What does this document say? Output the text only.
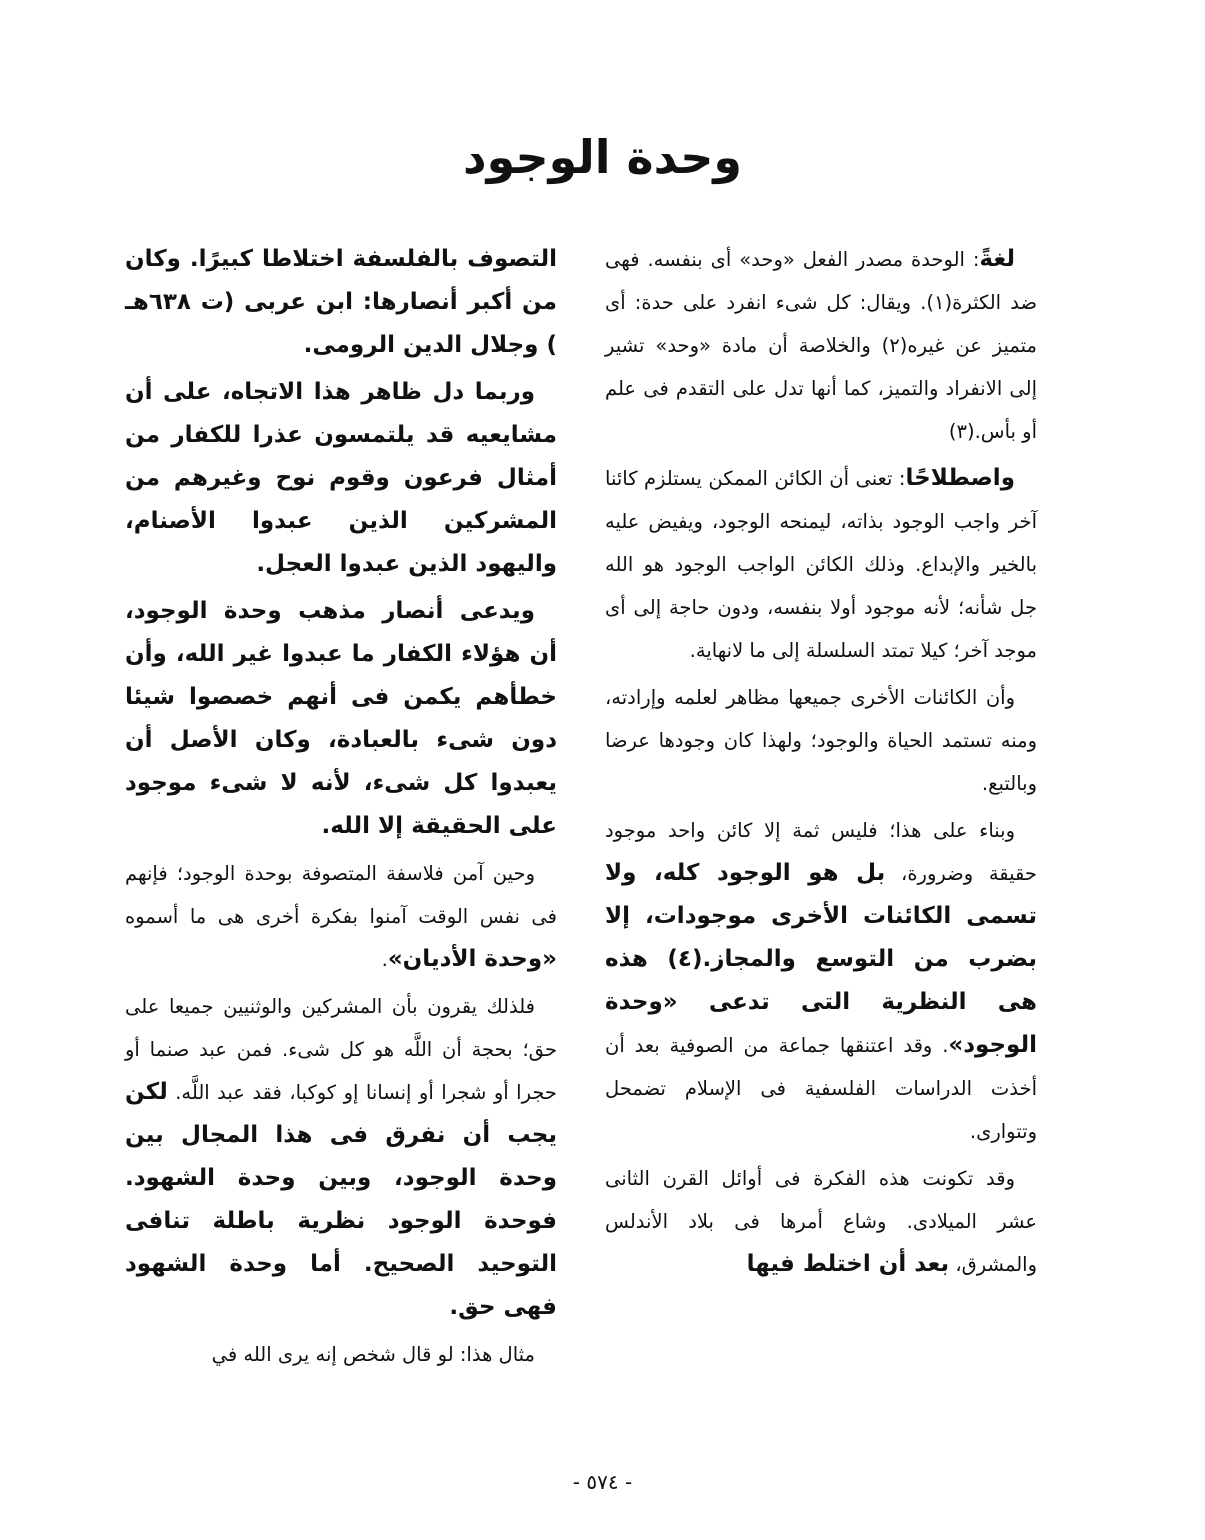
وحدة الوجود

لغةً: الوحدة مصدر الفعل «وحد» أى بنفسه. فهى ضد الكثرة(١). ويقال: كل شىء انفرد على حدة: أى متميز عن غيره(٢) والخلاصة أن مادة «وحد» تشير إلى الانفراد والتميز، كما أنها تدل على التقدم فى علم أو بأس.(٣)

واصطلاحًا: تعنى أن الكائن الممكن يستلزم كائنا آخر واجب الوجود بذاته، ليمنحه الوجود، ويفيض عليه بالخير والإبداع. وذلك الكائن الواجب الوجود هو الله جل شأنه؛ لأنه موجود أولا بنفسه، ودون حاجة إلى أى موجد آخر؛ كيلا تمتد السلسلة إلى ما لانهاية.

وأن الكائنات الأخرى جميعها مظاهر لعلمه وإرادته، ومنه تستمد الحياة والوجود؛ ولهذا كان وجودها عرضا وبالتبع.

وبناء على هذا؛ فليس ثمة إلا كائن واحد موجود حقيقة وضرورة، بل هو الوجود كله، ولا تسمى الكائنات الأخرى موجودات، إلا بضرب من التوسع والمجاز.(٤) هذه هى النظرية التى تدعى «وحدة الوجود». وقد اعتنقها جماعة من الصوفية بعد أن أخذت الدراسات الفلسفية فى الإسلام تضمحل وتتوارى.

وقد تكونت هذه الفكرة فى أوائل القرن الثانى عشر الميلادى. وشاع أمرها فى بلاد الأندلس والمشرق، بعد أن اختلط فيها

التصوف بالفلسفة اختلاطا كبيرًا. وكان من أكبر أنصارها: ابن عربى (ت ٦٣٨هـ ) وجلال الدين الرومى.

وربما دل ظاهر هذا الاتجاه، على أن مشايعيه قد يلتمسون عذرا للكفار من أمثال فرعون وقوم نوح وغيرهم من المشركين الذين عبدوا الأصنام، واليهود الذين عبدوا العجل.

ويدعى أنصار مذهب وحدة الوجود، أن هؤلاء الكفار ما عبدوا غير الله، وأن خطأهم يكمن فى أنهم خصصوا شيئا دون شىء بالعبادة، وكان الأصل أن يعبدوا كل شىء، لأنه لا شىء موجود على الحقيقة إلا الله.

وحين آمن فلاسفة المتصوفة بوحدة الوجود؛ فإنهم فى نفس الوقت آمنوا بفكرة أخرى هى ما أسموه «وحدة الأديان».

فلذلك يقرون بأن المشركين والوثنيين جميعا على حق؛ بحجة أن اللَّه هو كل شىء. فمن عبد صنما أو حجرا أو شجرا أو إنسانا إو كوكبا، فقد عبد اللَّه. لكن يجب أن نفرق فى هذا المجال بين وحدة الوجود، وبين وحدة الشهود. فوحدة الوجود نظرية باطلة تنافى التوحيد الصحيح. أما وحدة الشهود فهى حق.

مثال هذا: لو قال شخص إنه يرى الله في

- ٥٧٤ -
